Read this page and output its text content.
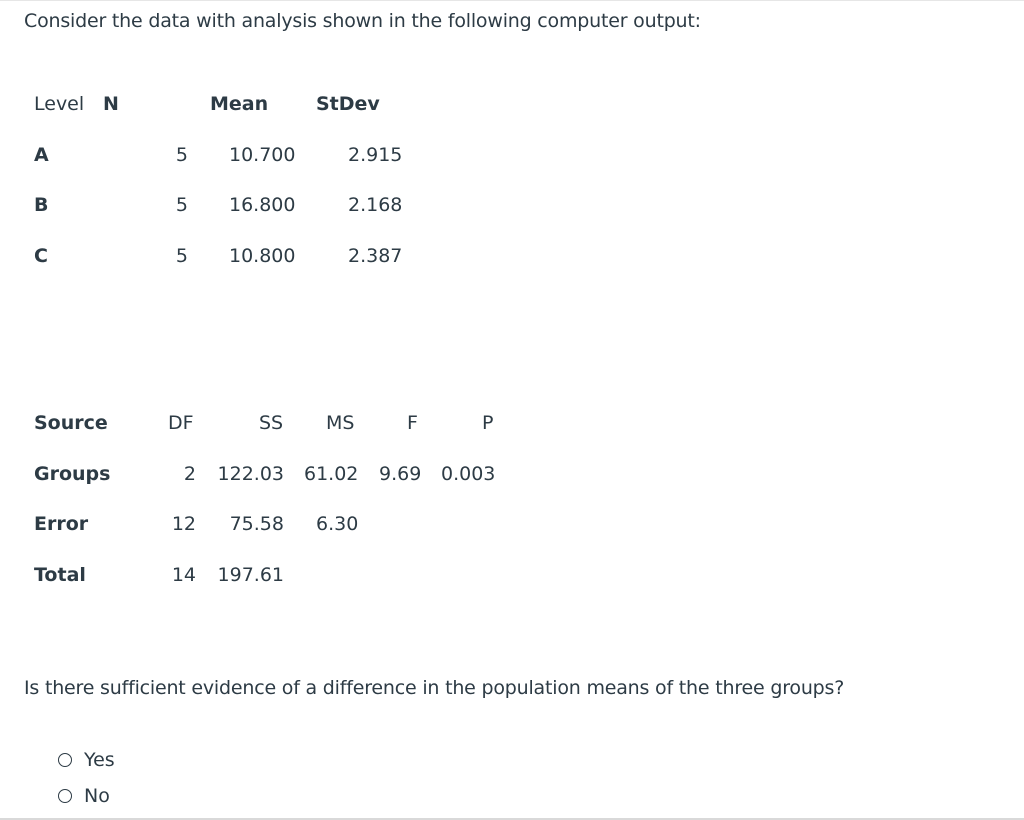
Consider the data with analysis shown in the following computer output:
Level N	Mean	StDev
A	5 10.700	2.915
B	5 16.800	2.168
C	5 10.800	2.387
Source	DF	SS MS	F	P
Groups	2	122.03 61.02 9.69 0.003
Error	12	75.58 6.30
Total	14	197.61
Is there sufficient evidence of a difference in the population means of the three groups?
Yes
No
